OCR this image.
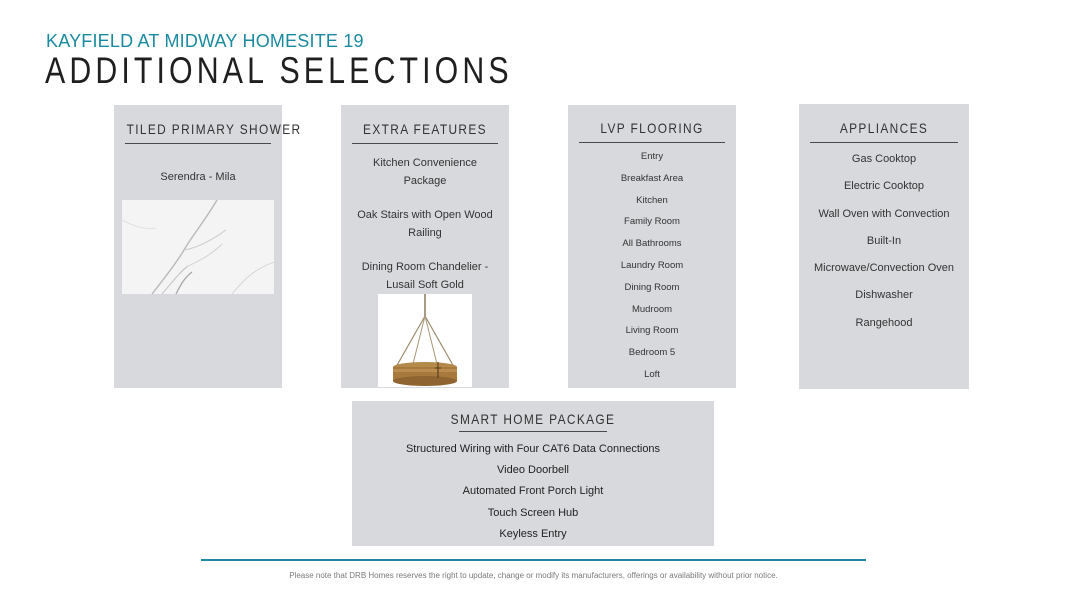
KAYFIELD AT MIDWAY HOMESITE 19
ADDITIONAL SELECTIONS
TILED PRIMARY SHOWER
Serendra - Mila
EXTRA FEATURES
Kitchen Convenience Package
Oak Stairs with Open Wood Railing
Dining Room Chandelier - Lusail Soft Gold
LVP FLOORING
Entry
Breakfast Area
Kitchen
Family Room
All Bathrooms
Laundry Room
Dining Room
Mudroom
Living Room
Bedroom 5
Loft
APPLIANCES
Gas Cooktop
Electric Cooktop
Wall Oven with Convection
Built-In
Microwave/Convection Oven
Dishwasher
Rangehood
SMART HOME PACKAGE
Structured Wiring with Four CAT6 Data Connections
Video Doorbell
Automated Front Porch Light
Touch Screen Hub
Keyless Entry
Please note that DRB Homes reserves the right to update, change or modify its manufacturers, offerings or availability without prior notice.
